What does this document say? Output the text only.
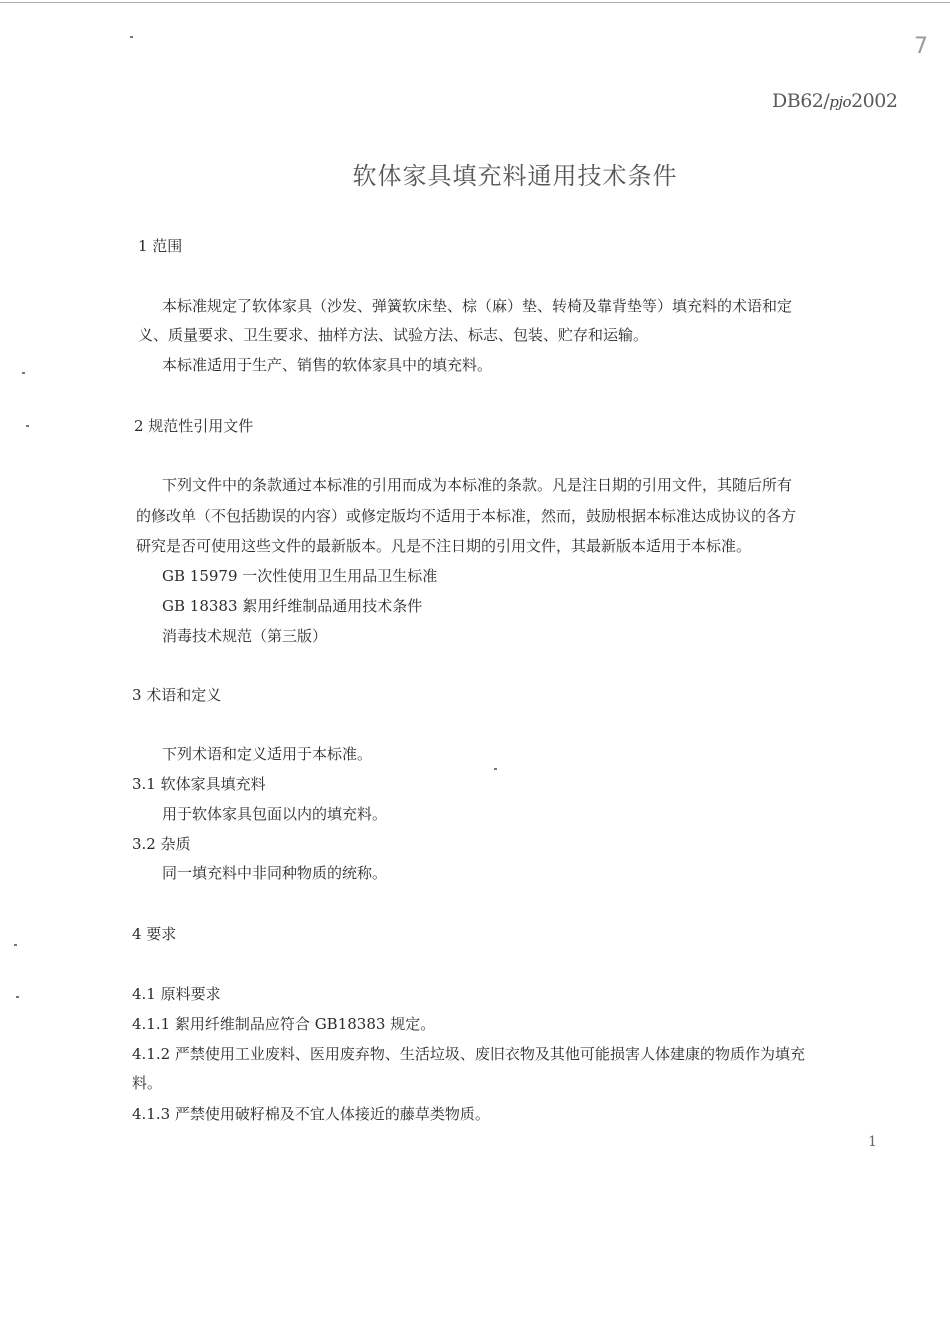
7
DB62/pjo2002
软体家具填充料通用技术条件
1 范围
本标准规定了软体家具（沙发、弹簧软床垫、棕（麻）垫、转椅及靠背垫等）填充料的术语和定
义、质量要求、卫生要求、抽样方法、试验方法、标志、包装、贮存和运输。
本标准适用于生产、销售的软体家具中的填充料。
2 规范性引用文件
下列文件中的条款通过本标准的引用而成为本标准的条款。凡是注日期的引用文件，其随后所有
的修改单（不包括勘误的内容）或修定版均不适用于本标准，然而，鼓励根据本标准达成协议的各方
研究是否可使用这些文件的最新版本。凡是不注日期的引用文件，其最新版本适用于本标准。
GB 15979 一次性使用卫生用品卫生标准
GB 18383 絮用纤维制品通用技术条件
消毒技术规范（第三版）
3 术语和定义
下列术语和定义适用于本标准。
3.1 软体家具填充料
用于软体家具包面以内的填充料。
3.2 杂质
同一填充料中非同种物质的统称。
4 要求
4.1 原料要求
4.1.1 絮用纤维制品应符合 GB18383 规定。
4.1.2 严禁使用工业废料、医用废弃物、生活垃圾、废旧衣物及其他可能损害人体建康的物质作为填充
料。
4.1.3 严禁使用破籽棉及不宜人体接近的藤草类物质。
1
